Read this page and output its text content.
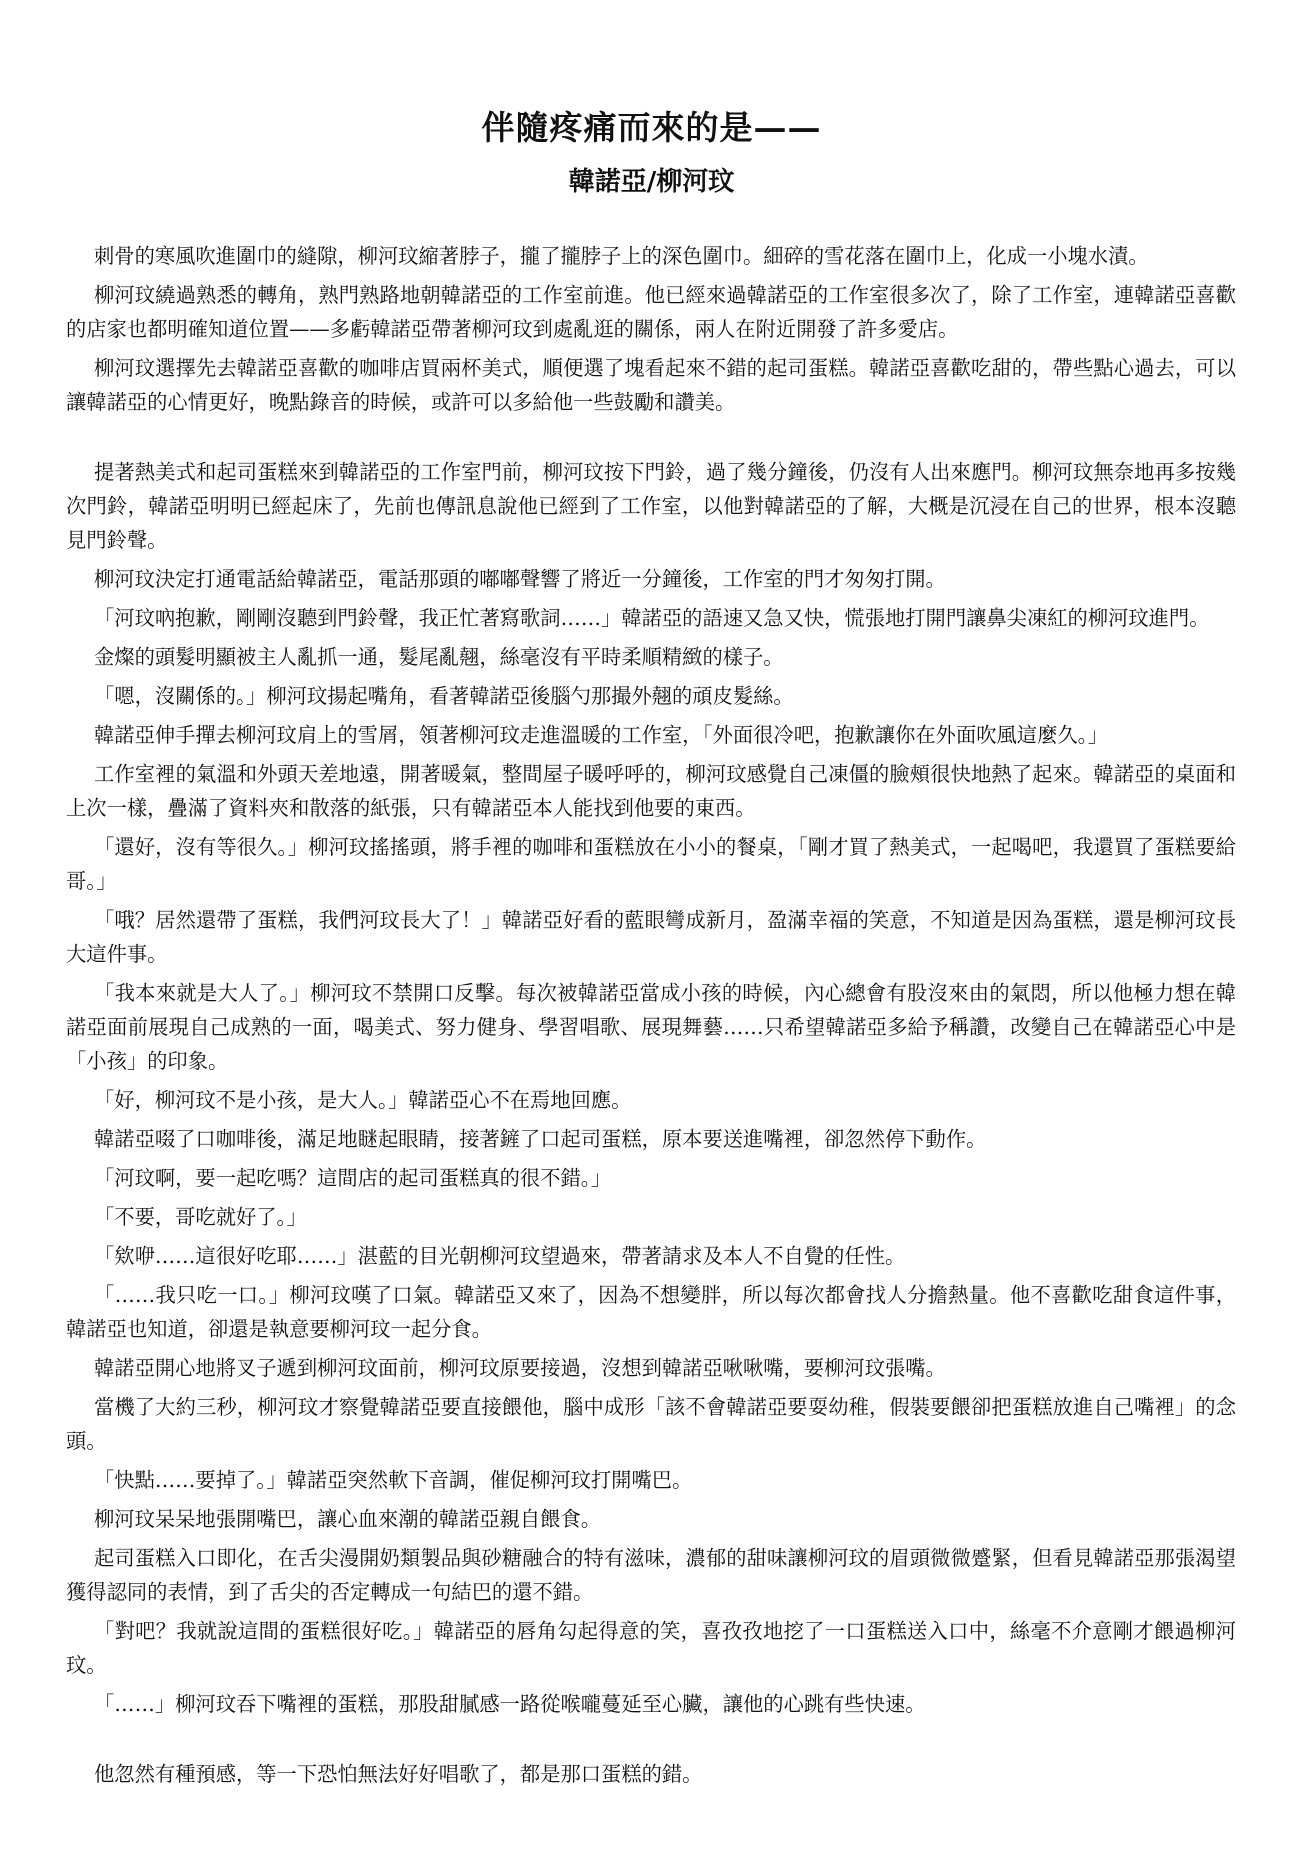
伴隨疼痛而來的是——
韓諾亞/柳河玟

刺骨的寒風吹進圍巾的縫隙，柳河玟縮著脖子，攏了攏脖子上的深色圍巾。細碎的雪花落在圍巾上，化成一小塊水漬。

柳河玟繞過熟悉的轉角，熟門熟路地朝韓諾亞的工作室前進。他已經來過韓諾亞的工作室很多次了，除了工作室，連韓諾亞喜歡的店家也都明確知道位置——多虧韓諾亞帶著柳河玟到處亂逛的關係，兩人在附近開發了許多愛店。

柳河玟選擇先去韓諾亞喜歡的咖啡店買兩杯美式，順便選了塊看起來不錯的起司蛋糕。韓諾亞喜歡吃甜的，帶些點心過去，可以讓韓諾亞的心情更好，晚點錄音的時候，或許可以多給他一些鼓勵和讚美。

提著熱美式和起司蛋糕來到韓諾亞的工作室門前，柳河玟按下門鈴，過了幾分鐘後，仍沒有人出來應門。柳河玟無奈地再多按幾次門鈴，韓諾亞明明已經起床了，先前也傳訊息說他已經到了工作室，以他對韓諾亞的了解，大概是沉浸在自己的世界，根本沒聽見門鈴聲。

柳河玟決定打通電話給韓諾亞，電話那頭的嘟嘟聲響了將近一分鐘後，工作室的門才匆匆打開。

「河玟吶抱歉，剛剛沒聽到門鈴聲，我正忙著寫歌詞……」韓諾亞的語速又急又快，慌張地打開門讓鼻尖凍紅的柳河玟進門。

金燦的頭髮明顯被主人亂抓一通，髮尾亂翹，絲毫沒有平時柔順精緻的樣子。

「嗯，沒關係的。」柳河玟揚起嘴角，看著韓諾亞後腦勺那撮外翹的頑皮髮絲。

韓諾亞伸手撣去柳河玟肩上的雪屑，領著柳河玟走進溫暖的工作室，「外面很冷吧，抱歉讓你在外面吹風這麼久。」

工作室裡的氣溫和外頭天差地遠，開著暖氣，整間屋子暖呼呼的，柳河玟感覺自己凍僵的臉頰很快地熱了起來。韓諾亞的桌面和上次一樣，疊滿了資料夾和散落的紙張，只有韓諾亞本人能找到他要的東西。

「還好，沒有等很久。」柳河玟搖搖頭，將手裡的咖啡和蛋糕放在小小的餐桌，「剛才買了熱美式，一起喝吧，我還買了蛋糕要給哥。」

「哦？居然還帶了蛋糕，我們河玟長大了！」韓諾亞好看的藍眼彎成新月，盈滿幸福的笑意，不知道是因為蛋糕，還是柳河玟長大這件事。

「我本來就是大人了。」柳河玟不禁開口反擊。每次被韓諾亞當成小孩的時候，內心總會有股沒來由的氣悶，所以他極力想在韓諾亞面前展現自己成熟的一面，喝美式、努力健身、學習唱歌、展現舞藝……只希望韓諾亞多給予稱讚，改變自己在韓諾亞心中是「小孩」的印象。

「好，柳河玟不是小孩，是大人。」韓諾亞心不在焉地回應。

韓諾亞啜了口咖啡後，滿足地瞇起眼睛，接著鏟了口起司蛋糕，原本要送進嘴裡，卻忽然停下動作。

「河玟啊，要一起吃嗎？這間店的起司蛋糕真的很不錯。」

「不要，哥吃就好了。」

「欸咿……這很好吃耶……」湛藍的目光朝柳河玟望過來，帶著請求及本人不自覺的任性。

「……我只吃一口。」柳河玟嘆了口氣。韓諾亞又來了，因為不想變胖，所以每次都會找人分擔熱量。他不喜歡吃甜食這件事，韓諾亞也知道，卻還是執意要柳河玟一起分食。

韓諾亞開心地將叉子遞到柳河玟面前，柳河玟原要接過，沒想到韓諾亞啾啾嘴，要柳河玟張嘴。

當機了大約三秒，柳河玟才察覺韓諾亞要直接餵他，腦中成形「該不會韓諾亞要耍幼稚，假裝要餵卻把蛋糕放進自己嘴裡」的念頭。

「快點……要掉了。」韓諾亞突然軟下音調，催促柳河玟打開嘴巴。

柳河玟呆呆地張開嘴巴，讓心血來潮的韓諾亞親自餵食。

起司蛋糕入口即化，在舌尖漫開奶類製品與砂糖融合的特有滋味，濃郁的甜味讓柳河玟的眉頭微微蹙緊，但看見韓諾亞那張渴望獲得認同的表情，到了舌尖的否定轉成一句結巴的還不錯。

「對吧？我就說這間的蛋糕很好吃。」韓諾亞的唇角勾起得意的笑，喜孜孜地挖了一口蛋糕送入口中，絲毫不介意剛才餵過柳河玟。

「……」柳河玟吞下嘴裡的蛋糕，那股甜膩感一路從喉嚨蔓延至心臟，讓他的心跳有些快速。

他忽然有種預感，等一下恐怕無法好好唱歌了，都是那口蛋糕的錯。
